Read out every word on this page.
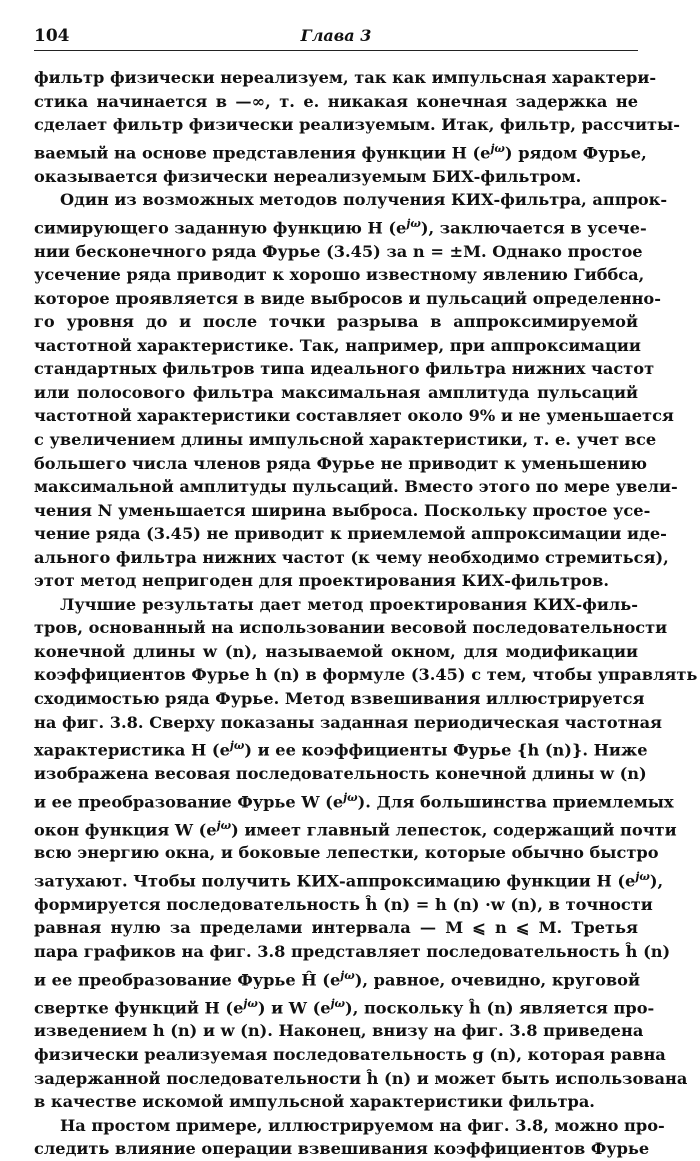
104	Глава 3
фильтр физически нереализуем, так как импульсная характери-
стика начинается в —∞, т. е. никакая конечная задержка не
сделает фильтр физически реализуемым. Итак, фильтр, рассчиты-
ваемый на основе представления функции H $(e^{j\omega})$ рядом Фурье,
оказывается физически нереализуемым БИХ-фильтром.
Один из возможных методов получения КИХ-фильтра, аппрок-
симирующего заданную функцию H $(e^{j\omega})$, заключается в усече-
нии бесконечного ряда Фурье (3.45) за n = ±M. Однако простое
усечение ряда приводит к хорошо известному явлению Гиббса,
которое проявляется в виде выбросов и пульсаций определенно-
го уровня до и после точки разрыва в аппроксимируемой
частотной характеристике. Так, например, при аппроксимации
стандартных фильтров типа идеального фильтра нижних частот
или полосового фильтра максимальная амплитуда пульсаций
частотной характеристики составляет около 9% и не уменьшается
с увеличением длины импульсной характеристики, т. е. учет все
большего числа членов ряда Фурье не приводит к уменьшению
максимальной амплитуды пульсаций. Вместо этого по мере увели-
чения N уменьшается ширина выброса. Поскольку простое усе-
чение ряда (3.45) не приводит к приемлемой аппроксимации иде-
ального фильтра нижних частот (к чему необходимо стремиться),
этот метод непригоден для проектирования КИХ-фильтров.
Лучшие результаты дает метод проектирования КИХ-филь-
тров, основанный на использовании весовой последовательности
конечной длины w (n), называемой окном, для модификации
коэффициентов Фурье h (n) в формуле (3.45) с тем, чтобы управлять
сходимостью ряда Фурье. Метод взвешивания иллюстрируется
на фиг. 3.8. Сверху показаны заданная периодическая частотная
характеристика H $(e^{j\omega})$ и ее коэффициенты Фурье {h (n)}. Ниже
изображена весовая последовательность конечной длины w (n)
и ее преобразование Фурье W $(e^{j\omega})$. Для большинства приемлемых
окон функция W $(e^{j\omega})$ имеет главный лепесток, содержащий почти
всю энергию окна, и боковые лепестки, которые обычно быстро
затухают. Чтобы получить КИХ-аппроксимацию функции H $(e^{j\omega})$,
формируется последовательность ĥ (n) = h (n) ·w (n), в точности
равная нулю за пределами интервала — M ⩽ n ⩽ M. Третья
пара графиков на фиг. 3.8 представляет последовательность ĥ (n)
и ее преобразование Фурье Ĥ $(e^{j\omega})$, равное, очевидно, круговой
свертке функций H $(e^{j\omega})$ и W $(e^{j\omega})$, поскольку ĥ (n) является про-
изведением h (n) и w (n). Наконец, внизу на фиг. 3.8 приведена
физически реализуемая последовательность g (n), которая равна
задержанной последовательности ĥ (n) и может быть использована
в качестве искомой импульсной характеристики фильтра.
На простом примере, иллюстрируемом на фиг. 3.8, можно про-
следить влияние операции взвешивания коэффициентов Фурье
